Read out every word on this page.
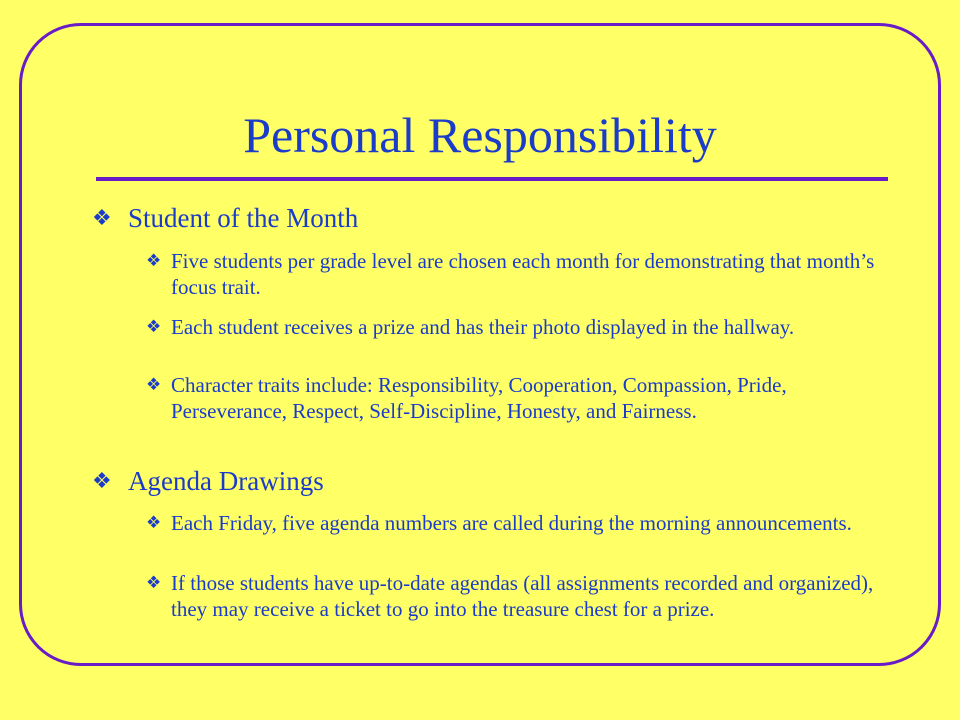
Personal Responsibility
❖ Student of the Month
❖ Five students per grade level are chosen each month for demonstrating that month’s focus trait.
❖ Each student receives a prize and has their photo displayed in the hallway.
❖ Character traits include: Responsibility, Cooperation, Compassion, Pride, Perseverance, Respect, Self-Discipline, Honesty, and Fairness.
❖ Agenda Drawings
❖ Each Friday, five agenda numbers are called during the morning announcements.
❖ If those students have up-to-date agendas (all assignments recorded and organized), they may receive a ticket to go into the treasure chest for a prize.
